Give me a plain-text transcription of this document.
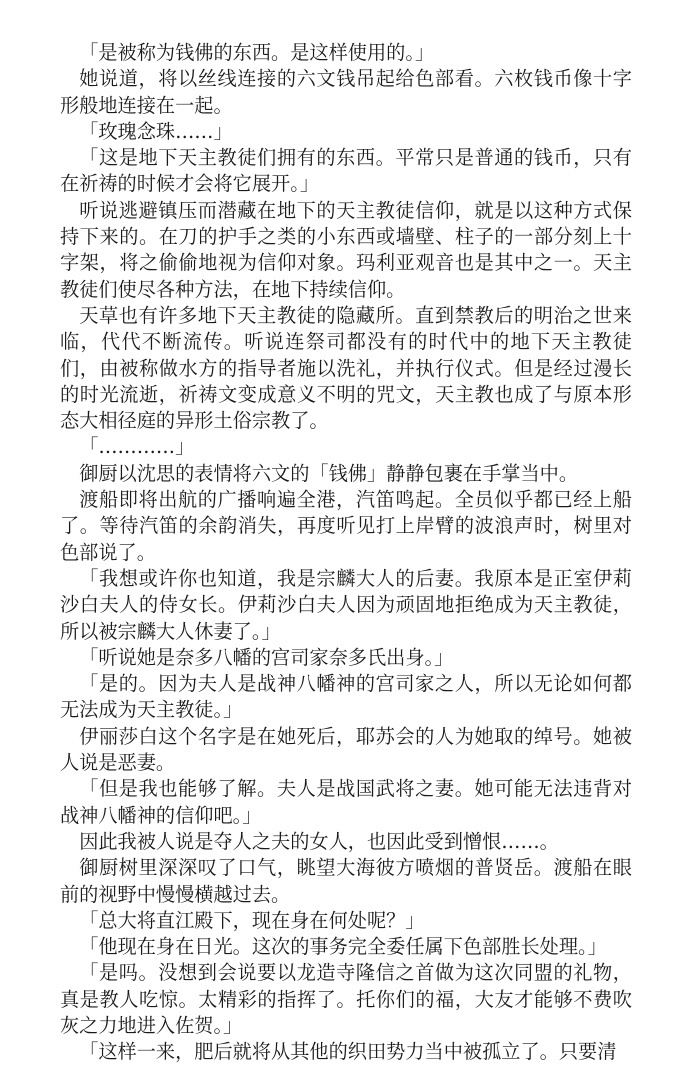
「是被称为钱佛的东西。是这样使用的。」

她说道，将以丝线连接的六文钱吊起给色部看。六枚钱币像十字形般地连接在一起。

「玫瑰念珠……」

「这是地下天主教徒们拥有的东西。平常只是普通的钱币，只有在祈祷的时候才会将它展开。」

听说逃避镇压而潜藏在地下的天主教徒信仰，就是以这种方式保持下来的。在刀的护手之类的小东西或墙壁、柱子的一部分刻上十字架，将之偷偷地视为信仰对象。玛利亚观音也是其中之一。天主教徒们使尽各种方法，在地下持续信仰。

天草也有许多地下天主教徒的隐藏所。直到禁教后的明治之世来临，代代不断流传。听说连祭司都没有的时代中的地下天主教徒们，由被称做水方的指导者施以洗礼，并执行仪式。但是经过漫长的时光流逝，祈祷文变成意义不明的咒文，天主教也成了与原本形态大相径庭的异形土俗宗教了。

「…………」

御厨以沈思的表情将六文的「钱佛」静静包裹在手掌当中。

渡船即将出航的广播响遍全港，汽笛鸣起。全员似乎都已经上船了。等待汽笛的余韵消失，再度听见打上岸臂的波浪声时，树里对色部说了。

「我想或许你也知道，我是宗麟大人的后妻。我原本是正室伊莉沙白夫人的侍女长。伊莉沙白夫人因为顽固地拒绝成为天主教徒，所以被宗麟大人休妻了。」

「听说她是奈多八幡的宫司家奈多氏出身。」

「是的。因为夫人是战神八幡神的宫司家之人，所以无论如何都无法成为天主教徒。」

伊丽莎白这个名字是在她死后，耶苏会的人为她取的绰号。她被人说是恶妻。

「但是我也能够了解。夫人是战国武将之妻。她可能无法违背对战神八幡神的信仰吧。」

因此我被人说是夺人之夫的女人，也因此受到憎恨……。

御厨树里深深叹了口气，眺望大海彼方喷烟的普贤岳。渡船在眼前的视野中慢慢横越过去。

「总大将直江殿下，现在身在何处呢？」

「他现在身在日光。这次的事务完全委任属下色部胜长处理。」

「是吗。没想到会说要以龙造寺隆信之首做为这次同盟的礼物，真是教人吃惊。太精彩的指挥了。托你们的福，大友才能够不费吹灰之力地进入佐贺。」

「这样一来，肥后就将从其他的织田势力当中被孤立了。只要清
